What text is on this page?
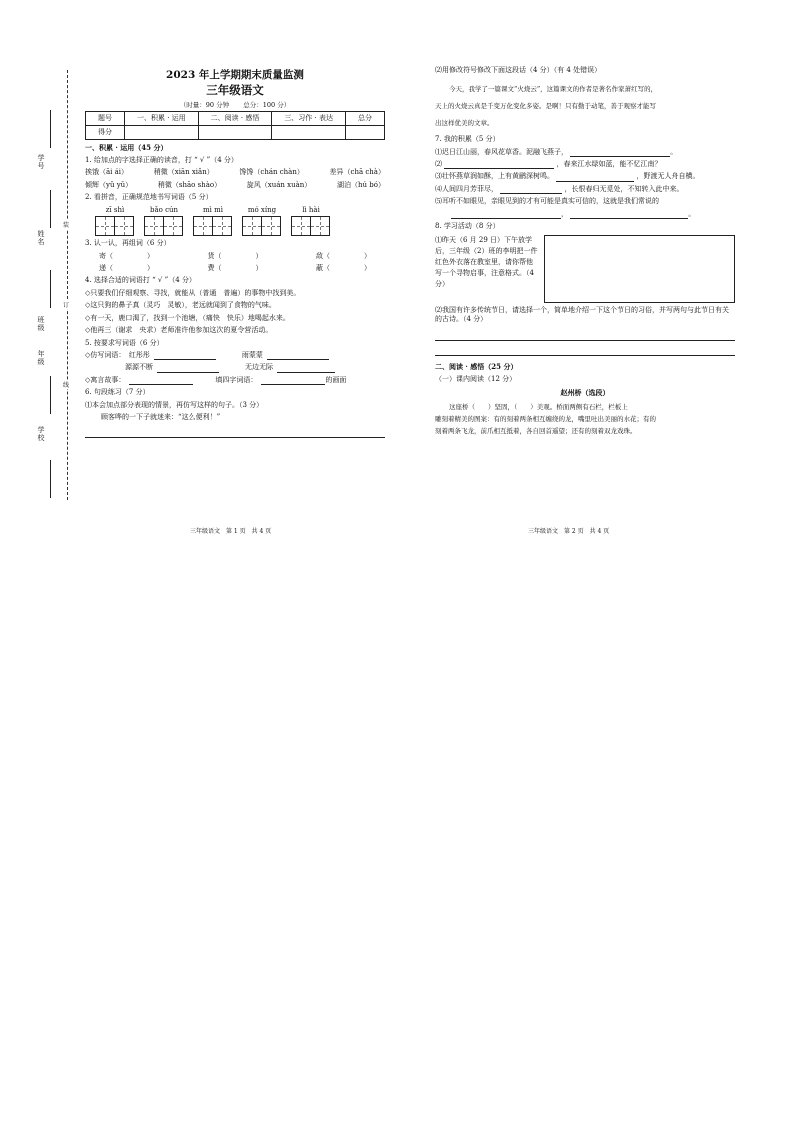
学号
姓名
班级
年级
学校
装
订
线
2023 年上学期期末质量监测
三年级语文
（时量：90 分钟 总分：100 分）
题号	一、积累 · 运用	二、阅读 · 感悟	三、习作 · 表达	总分
得分				
一、积累 · 运用（45 分）
1. 给加点的字选择正确的读音，打 “ √ ”（4 分）
挨饿（āi ái）	稍微（xiān xiǎn）	馋馋（chán chàn）	差异（chā chà）
倾辉（yǔ yǔ）	稍微（shāo shào）	旋风（xuán xuàn）	湖泊（hú bó）
2. 看拼音，正确规范地书写词语（5 分）
zī shì	bǎo cún	mì mì	mó xíng	lì hài
3. 认一认，再组词（6 分）
寄（	）	货（	）	敌（	）
递（	）	费（	）	蔽（	）
4. 选择合适的词语打 “ √ ”（4 分）
◇只要我们仔细观察、寻找，就能从（普通　普遍）的事物中找到美。
◇这只狗的鼻子真（灵巧　灵敏），老远就闻到了食物的气味。
◇有一天，鹿口渴了，找到一个池塘，（痛快　快乐）地喝起水来。
◇他再三（谢求　央求）老师准许他参加这次的夏令营活动。
5. 按要求写词语（6 分）
◇仿写词语：　红彤彤	雨蒙蒙
源源不断	无边无际
◇寓言故事：	填四字词语：	的画面
6. 句段练习（7 分）
⑴本会加点部分表现的情景，再仿写这样的句子。（3 分）
顾客哗的一下子就迷来：“这么便利！”
三年级语文　第 1 页　共 4 页
⑵用修改符号修改下面这段话（4 分）（有 4 处错误）
今天，我学了一篇课文“火烧云”，这篇课文的作者是著名作家萧红写的，
天上的火烧云真是千变万化变化多姿。是啊！只有勤于动笔，善于观察才能写
出这样优美的文章。
7. 我的积累（5 分）
⑴迟日江山丽，春风花草香。泥融飞燕子，	。
⑵	，春来江水绿如蓝，能不忆江南？
⑶壮怀燕草润如酥，上有黄鹂深树鸣。	，野渡无人舟自横。
⑷人间四月芳菲尽，	，长恨春归无觅处，不知转入此中来。
⑸耳听不如眼见，亲眼见到的才有可能是真实可信的，这就是我们常说的
，	。
8. 学习活动（8 分）
⑴昨天（6 月 29 日）下午放学后，三年级（2）班的李明把一件红色外衣落在教室里，请你帮他写一个寻物启事，注意格式。（4 分）
⑵我国有许多传统节日，请选择一个，简单地介绍一下这个节日的习俗，并写两句与此节日有关的古诗。（4 分）
二、阅读 · 感悟（25 分）
（一）课内阅读（12 分）
赵州桥（选段）
这座桥（　　）坚固，（　　）美观。桥面两侧有石栏，栏板上
雕刻着精美的图案：有的刻着两条相互缠绕的龙，嘴里吐出美丽的水花；有的
刻着两条飞龙，前爪相互抵着，各自回首遥望；还有的刻着双龙戏珠。
三年级语文　第 2 页　共 4 页
